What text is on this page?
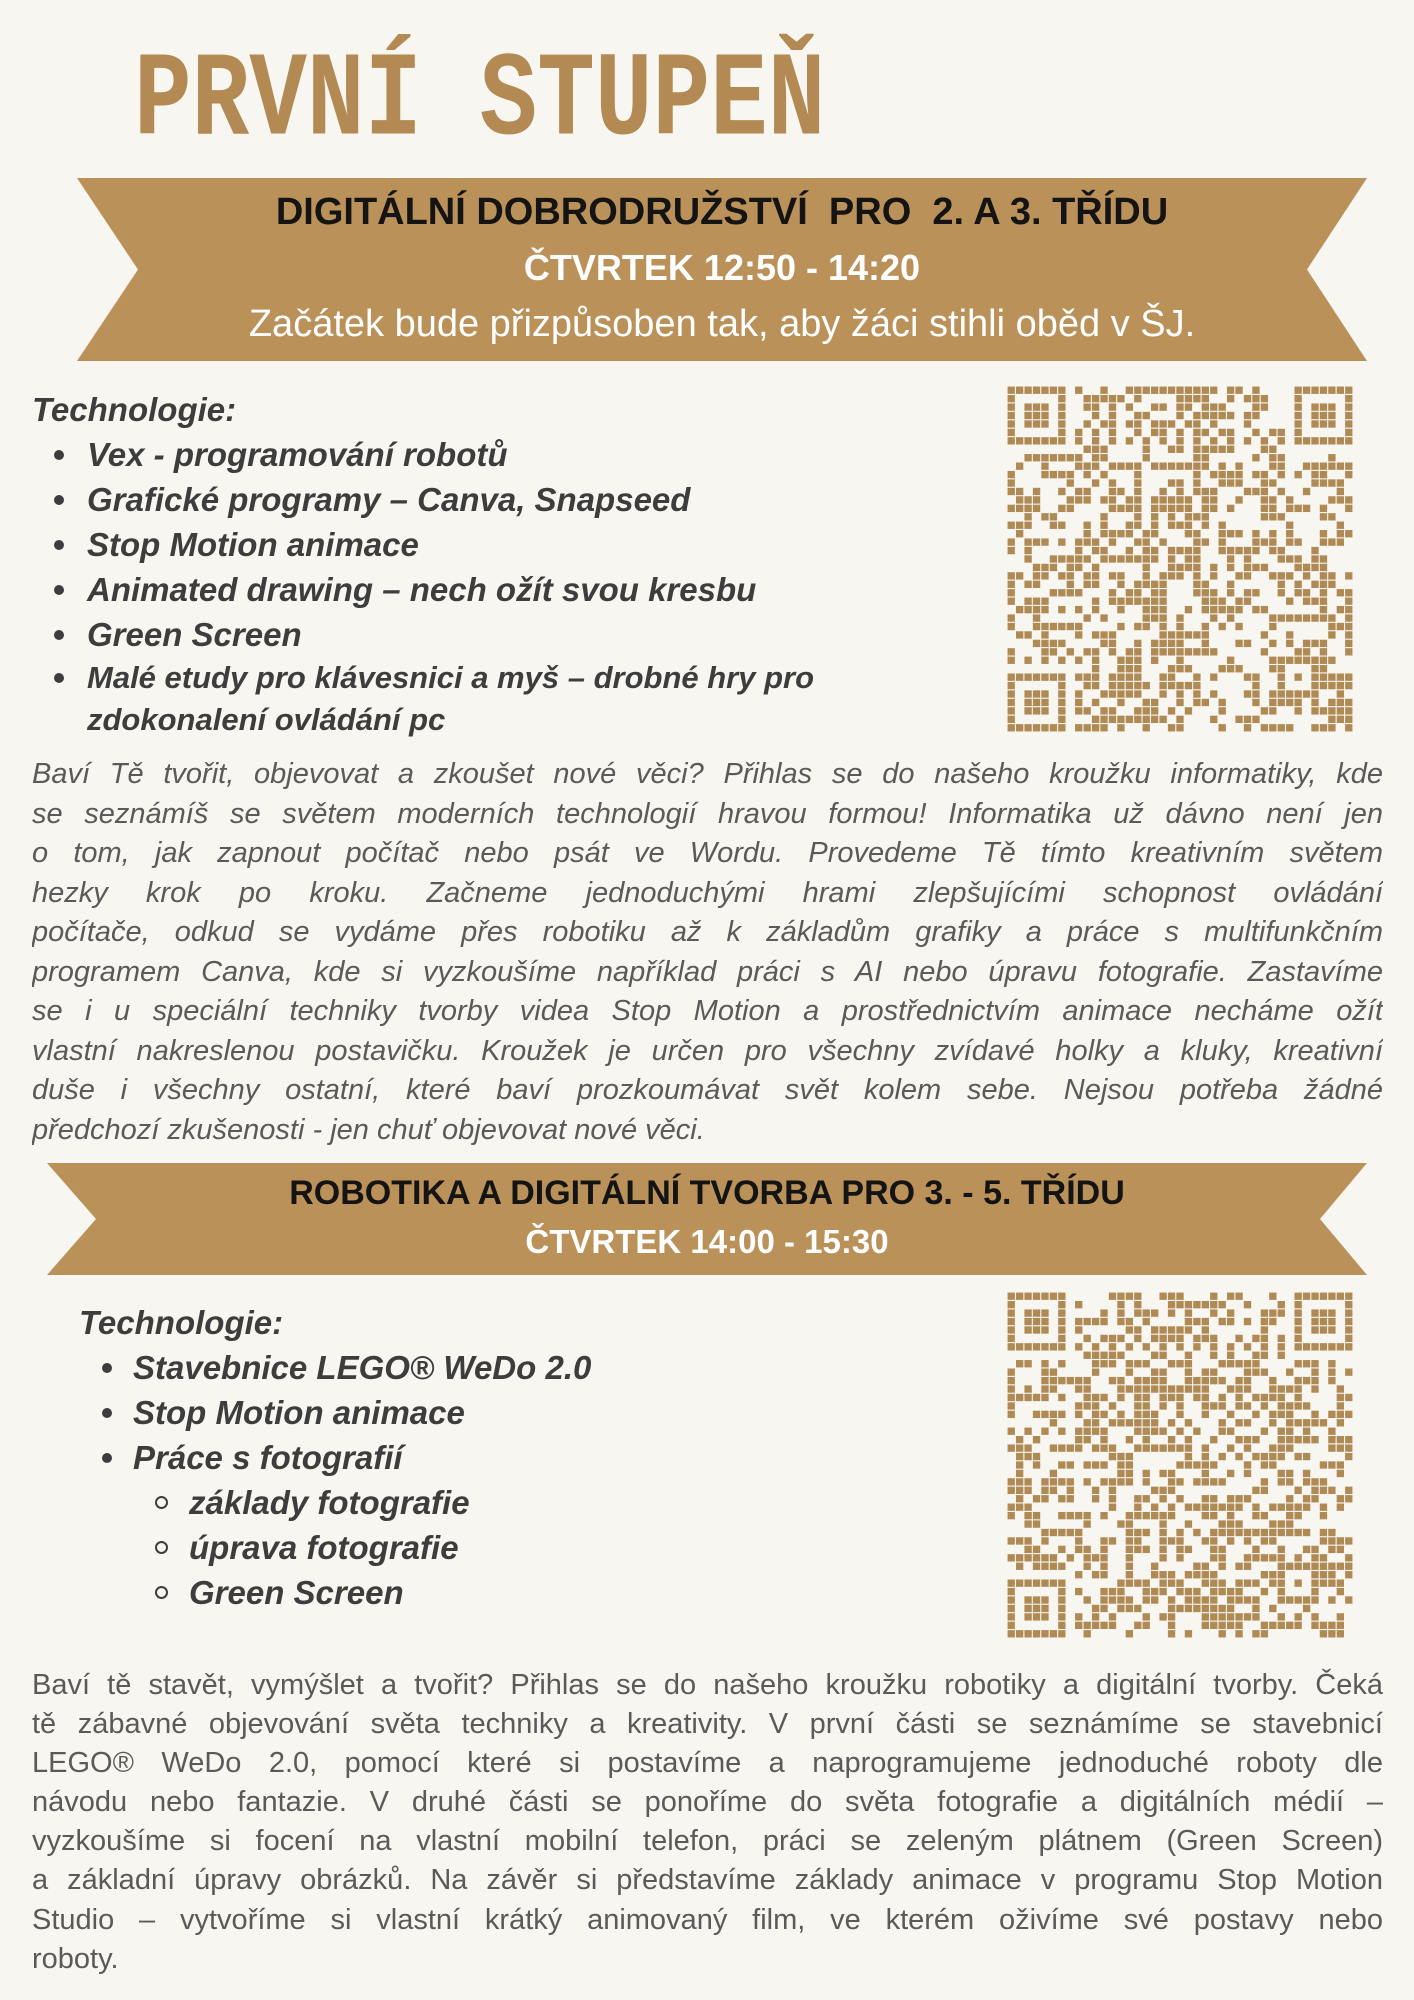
PRVNÍ STUPEŇ
DIGITÁLNÍ DOBRODRUŽSTVÍ  PRO  2. A 3. TŘÍDU
ČTVRTEK 12:50 - 14:20
Začátek bude přizpůsoben tak, aby žáci stihli oběd v ŠJ.
Technologie:
Vex - programování robotů
Grafické programy – Canva, Snapseed
Stop Motion animace
Animated drawing – nech ožít svou kresbu
Green Screen
Malé etudy pro klávesnici a myš – drobné hry pro zdokonalení ovládání pc
Baví Tě tvořit, objevovat a zkoušet nové věci? Přihlas se do našeho kroužku informatiky, kde
se seznámíš se světem moderních technologií hravou formou! Informatika už dávno není jen
o tom, jak zapnout počítač nebo psát ve Wordu. Provedeme Tě tímto kreativním světem
hezky krok po kroku. Začneme jednoduchými hrami zlepšujícími schopnost ovládání
počítače, odkud se vydáme přes robotiku až k základům grafiky a práce s multifunkčním
programem Canva, kde si vyzkoušíme například práci s AI nebo úpravu fotografie. Zastavíme
se i u speciální techniky tvorby videa Stop Motion a prostřednictvím animace necháme ožít
vlastní nakreslenou postavičku. Kroužek je určen pro všechny zvídavé holky a kluky, kreativní
duše i všechny ostatní, které baví prozkoumávat svět kolem sebe. Nejsou potřeba žádné
předchozí zkušenosti - jen chuť objevovat nové věci.
ROBOTIKA A DIGITÁLNÍ TVORBA PRO 3. - 5. TŘÍDU
ČTVRTEK 14:00 - 15:30
Technologie:
Stavebnice LEGO® WeDo 2.0
Stop Motion animace
Práce s fotografií
základy fotografie
úprava fotografie
Green Screen
Baví tě stavět, vymýšlet a tvořit? Přihlas se do našeho kroužku robotiky a digitální tvorby. Čeká
tě zábavné objevování světa techniky a kreativity. V první části se seznámíme se stavebnicí
LEGO® WeDo 2.0, pomocí které si postavíme a naprogramujeme jednoduché roboty dle
návodu nebo fantazie. V druhé části se ponoříme do světa fotografie a digitálních médií –
vyzkoušíme si focení na vlastní mobilní telefon, práci se zeleným plátnem (Green Screen)
a základní úpravy obrázků. Na závěr si představíme základy animace v programu Stop Motion
Studio – vytvoříme si vlastní krátký animovaný film, ve kterém oživíme své postavy nebo
roboty.
